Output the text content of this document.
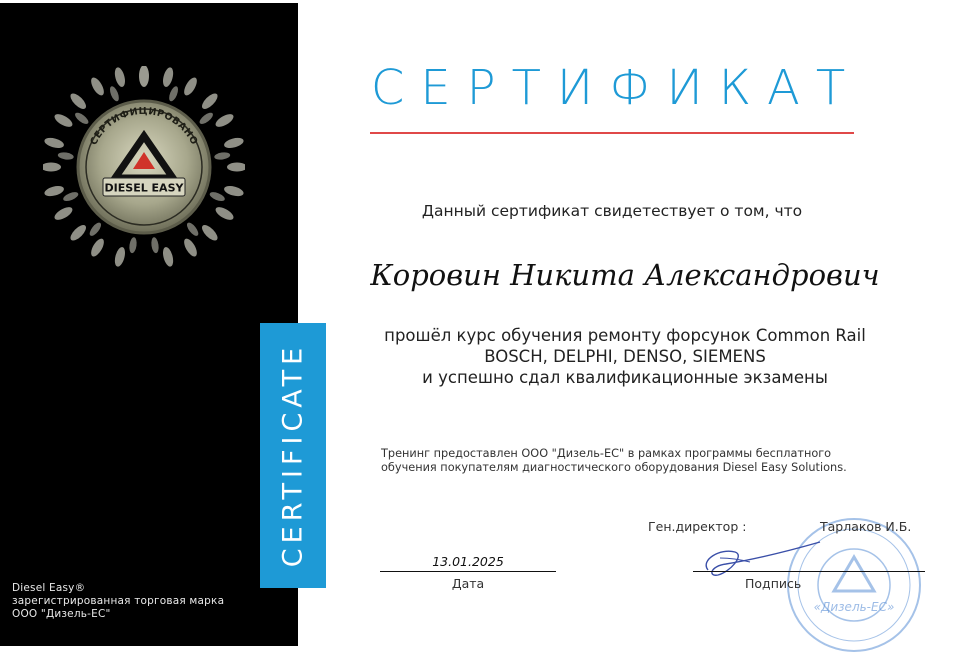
СЕРТИФИЦИРОВАНО
DIESEL EASY
Diesel Easy®
зарегистрированная торговая марка
ООО "Дизель-ЕС"
CERTIFICATE
СЕРТИФИКАТ
Данный сертификат свидетествует о том, что
Коровин Никита Александрович
прошёл курс обучения ремонту форсунок Common Rail
BOSCH, DELPHI, DENSO, SIEMENS
и успешно сдал квалификационные экзамены
Тренинг предоставлен ООО "Дизель-ЕС" в рамках программы бесплатного
обучения покупателям диагностического оборудования Diesel Easy Solutions.
Ген.директор :
«Дизель-ЕС»
Тарлаков И.Б.
13.01.2025
Дата	Подпись
